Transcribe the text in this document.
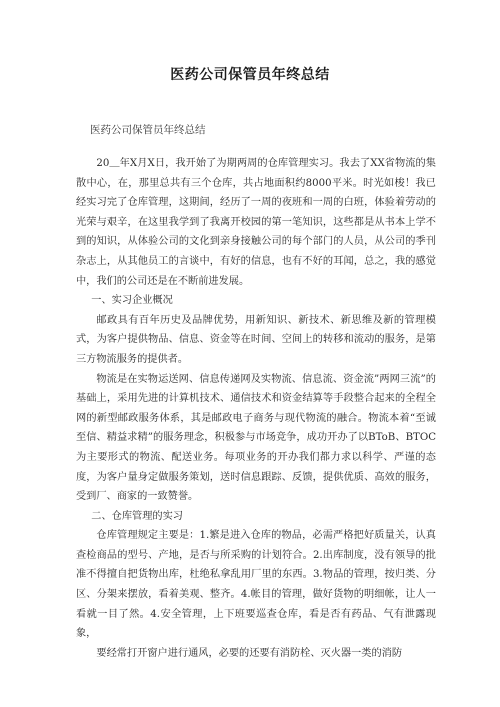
医药公司保管员年终总结
医药公司保管员年终总结

20＿年X月X日，我开始了为期两周的仓库管理实习。我去了XX省物流的集散中心，在，那里总共有三个仓库，共占地面积约8000平米。时光如梭！我已经实习完了仓库管理，这期间，经历了一周的夜班和一周的白班，体验着劳动的光荣与艰辛，在这里我学到了我离开校园的第一笔知识，这些都是从书本上学不到的知识，从体验公司的文化到亲身接触公司的每个部门的人员，从公司的季刊杂志上，从其他员工的言谈中，有好的信息，也有不好的耳闻，总之，我的感觉中，我们的公司还是在不断前进发展。

一、实习企业概况

邮政具有百年历史及品牌优势，用新知识、新技术、新思维及新的管理模式，为客户提供物品、信息、资金等在时间、空间上的转移和流动的服务，是第三方物流服务的提供者。

物流是在实物运送网、信息传递网及实物流、信息流、资金流”两网三流”的基础上，采用先进的计算机技术、通信技术和资金结算等手段整合起来的全程全网的新型邮政服务体系，其是邮政电子商务与现代物流的融合。物流本着“至诚至信、精益求精”的服务理念，积极参与市场竞争，成功开办了以BToB、BTOC为主要形式的物流、配送业务。每项业务的开办我们都力求以科学、严谨的态度，为客户量身定做服务策划，送时信息跟踪、反馈，提供优质、高效的服务，受到厂、商家的一致赞誉。

二、仓库管理的实习

仓库管理规定主要是：1.繁是进入仓库的物品，必需严格把好质量关，认真查检商品的型号、产地，是否与所采购的计划符合。2.出库制度，没有领导的批准不得擅自把货物出库，杜绝私拿乱用厂里的东西。3.物品的管理，按归类、分区、分架来摆放，看着美观、整齐。4.帐目的管理，做好货物的明细帐，让人一看就一目了然。4.安全管理，上下班要巡查仓库，看是否有药品、气有泄露现象，

要经常打开窗户进行通风，必要的还要有消防栓、灭火器一类的消防
